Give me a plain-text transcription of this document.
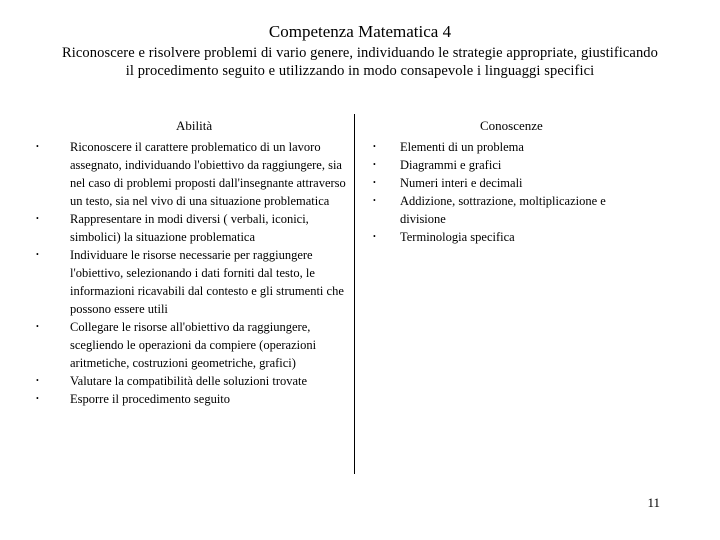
Competenza Matematica 4
Riconoscere e risolvere problemi di vario genere, individuando le strategie appropriate, giustificando il procedimento seguito e utilizzando in modo consapevole i linguaggi specifici
Abilità	Conoscenze
• Riconoscere il carattere problematico di un lavoro assegnato, individuando l'obiettivo da raggiungere, sia nel caso di problemi proposti dall'insegnante attraverso un testo, sia nel vivo di una situazione problematica
• Rappresentare in modi diversi ( verbali, iconici, simbolici) la situazione problematica
• Individuare le risorse necessarie per raggiungere l'obiettivo, selezionando i dati forniti dal testo, le informazioni ricavabili dal contesto e gli strumenti che possono essere utili
• Collegare le risorse all'obiettivo da raggiungere, scegliendo le operazioni da compiere (operazioni aritmetiche, costruzioni geometriche, grafici)
• Valutare la compatibilità delle soluzioni trovate
• Esporre il procedimento seguito
• Elementi di un problema
• Diagrammi e grafici
• Numeri interi e decimali
• Addizione, sottrazione, moltiplicazione e divisione
• Terminologia specifica
11
